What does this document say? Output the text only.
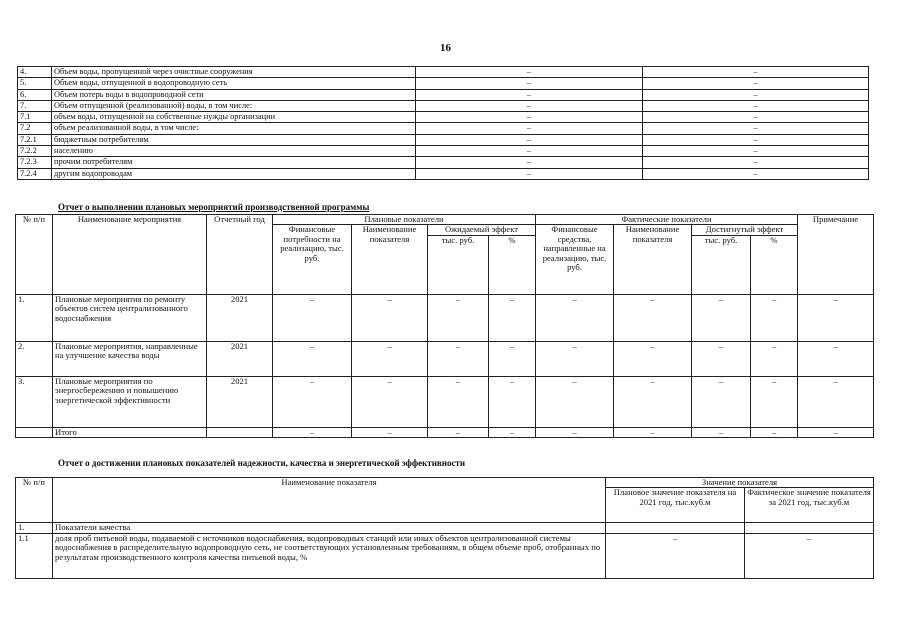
16
4.	Объем воды, пропущенной через очистные сооружения	–	–
5.	Объем воды, отпущенной в водопроводную сеть	–	–
6.	Объем потерь воды в водопроводной сети	–	–
7.	Объем отпущенной (реализованной) воды, в том числе:	–	–
7.1	объем воды, отпущенной на собственные нужды организации	–	–
7.2	объем реализованной воды, в том числе:	–	–
7.2.1	бюджетным потребителям	–	–
7.2.2	населению	–	–
7.2.3	прочим потребителям	–	–
7.2.4	другим водопроводам	–	–
Отчет о выполнении плановых мероприятий производственной программы
№ п/п	Наименование мероприятия	Отчетный год	Плановые показатели				Фактические показатели				Примечание
			Финансовые потребности на реализацию, тыс. руб.	Наименование показателя	Ожидаемый эффект		Финансовые средства, направленные на реализацию, тыс. руб.	Наименование показателя	Достигнутый эффект		
					тыс. руб.	%			тыс. руб.	%	
1.	Плановые мероприятия по ремонту объектов систем централизованного водоснабжения	2021	–	–	–	–	–	–	–	–	–
2.	Плановые мероприятия, направленные на улучшение качества воды	2021	–	–	–	–	–	–	–	–	–
3.	Плановые мероприятия по энергосбережению и повышению энергетической эффективности	2021	–	–	–	–	–	–	–	–	–
	Итого		–	–	–	–	–	–	–	–	–
Отчет о достижении плановых показателей надежности, качества и энергетической эффективности
№ п/п	Наименование показателя	Значение показателя	
		Плановое значение показателя на 2021 год, тыс.куб.м	Фактическое значение показателя за 2021 год, тыс.куб.м
1.	Показатели качества		
1.1	доля проб питьевой воды, подаваемой с источников водоснабжения, водопроводных станций или иных объектов централизованной системы водоснабжения в распределительную водопроводную сеть, не соответствующих установленным требованиям, в общем объеме проб, отобранных по результатам производственного контроля качества питьевой воды, %	–	–
